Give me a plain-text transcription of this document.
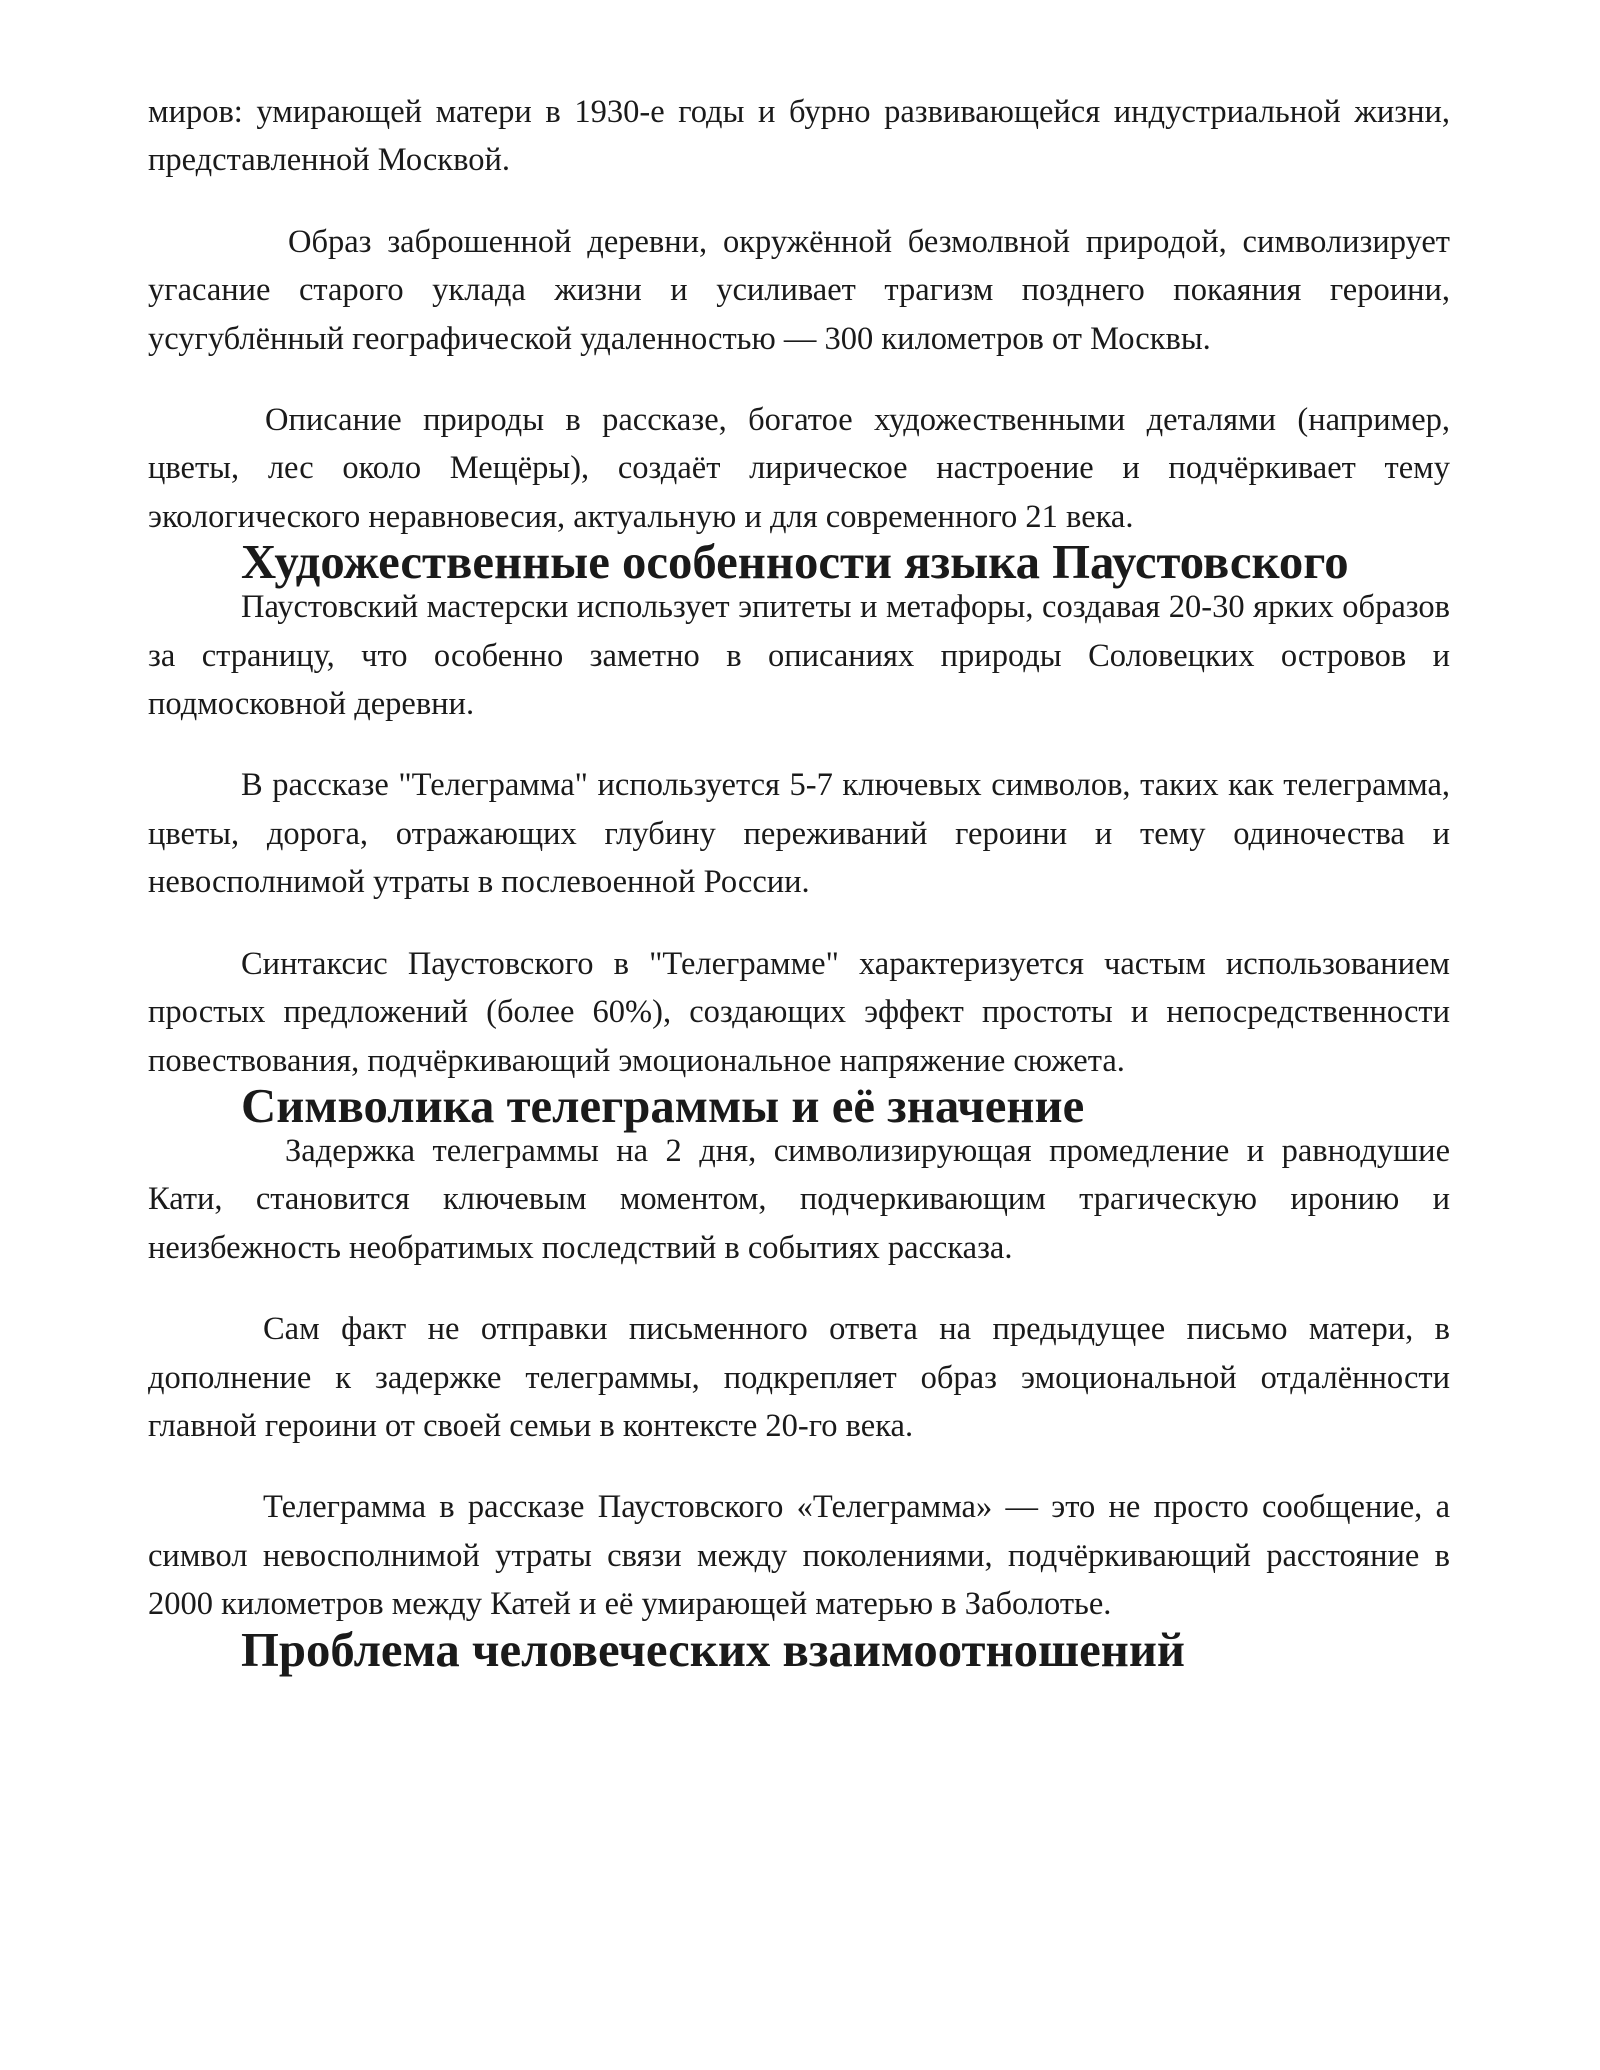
миров: умирающей матери в 1930-е годы и бурно развивающейся индустриальной жизни, представленной Москвой.

Образ заброшенной деревни, окружённой безмолвной природой, символизирует угасание старого уклада жизни и усиливает трагизм позднего покаяния героини, усугублённый географической удаленностью — 300 километров от Москвы.

Описание природы в рассказе, богатое художественными деталями (например, цветы, лес около Мещёры), создаёт лирическое настроение и подчёркивает тему экологического неравновесия, актуальную и для современного 21 века.

Художественные особенности языка Паустовского

Паустовский мастерски использует эпитеты и метафоры, создавая 20-30 ярких образов за страницу, что особенно заметно в описаниях природы Соловецких островов и подмосковной деревни.

В рассказе "Телеграмма" используется 5-7 ключевых символов, таких как телеграмма, цветы, дорога, отражающих глубину переживаний героини и тему одиночества и невосполнимой утраты в послевоенной России.

Синтаксис Паустовского в "Телеграмме" характеризуется частым использованием простых предложений (более 60%), создающих эффект простоты и непосредственности повествования, подчёркивающий эмоциональное напряжение сюжета.

Символика телеграммы и её значение

Задержка телеграммы на 2 дня, символизирующая промедление и равнодушие Кати, становится ключевым моментом, подчеркивающим трагическую иронию и неизбежность необратимых последствий в событиях рассказа.

Сам факт не отправки письменного ответа на предыдущее письмо матери, в дополнение к задержке телеграммы, подкрепляет образ эмоциональной отдалённости главной героини от своей семьи в контексте 20-го века.

Телеграмма в рассказе Паустовского «Телеграмма» — это не просто сообщение, а символ невосполнимой утраты связи между поколениями, подчёркивающий расстояние в 2000 километров между Катей и её умирающей матерью в Заболотье.

Проблема человеческих взаимоотношений
